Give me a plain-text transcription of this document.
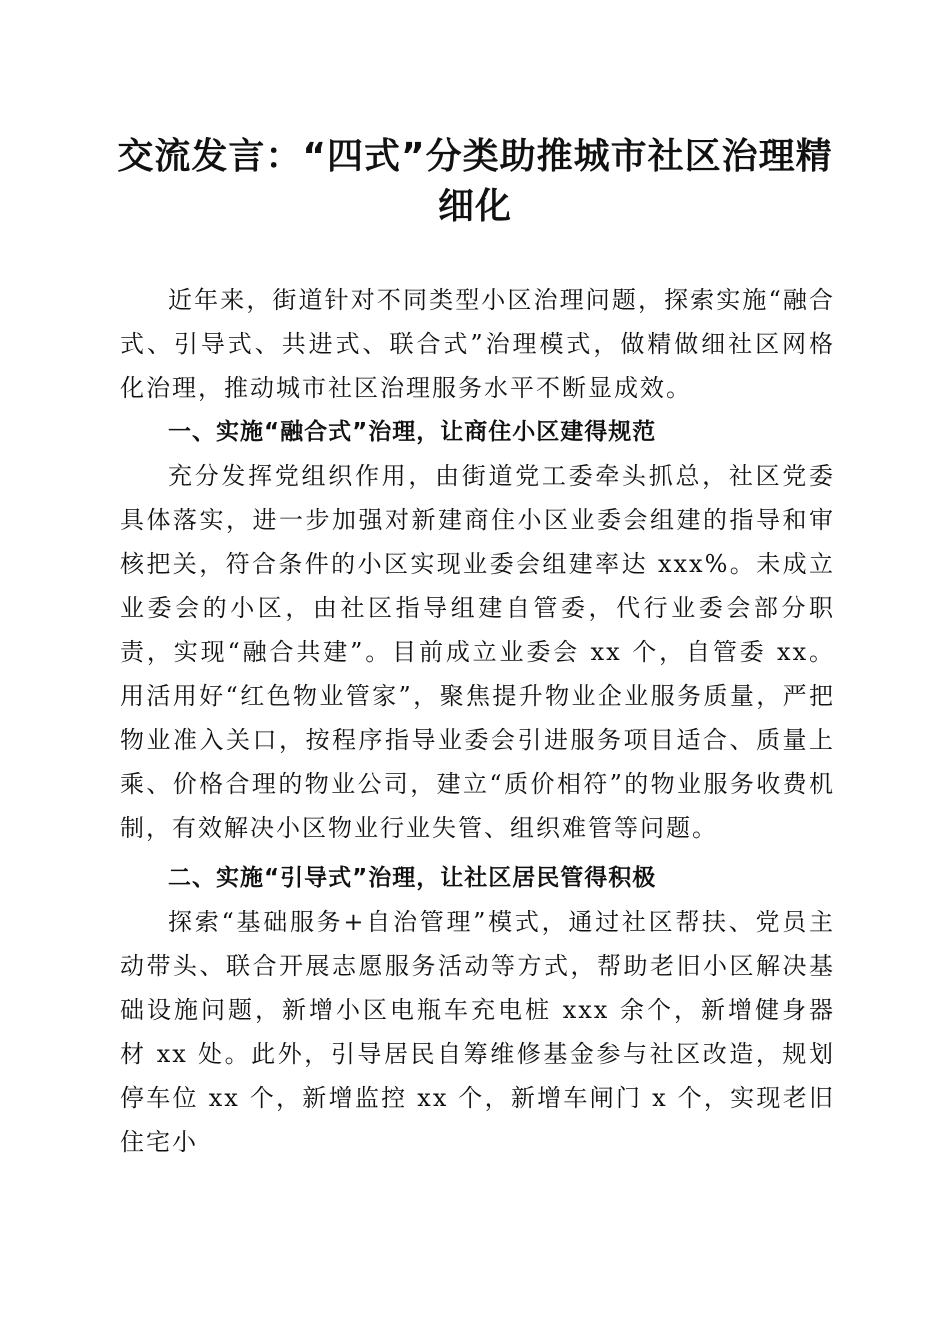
交流发言：“四式”分类助推城市社区治理精细化

近年来，街道针对不同类型小区治理问题，探索实施“融合式、引导式、共进式、联合式”治理模式，做精做细社区网格化治理，推动城市社区治理服务水平不断显成效。

一、实施“融合式”治理，让商住小区建得规范

充分发挥党组织作用，由街道党工委牵头抓总，社区党委具体落实，进一步加强对新建商住小区业委会组建的指导和审核把关，符合条件的小区实现业委会组建率达 xxx%。未成立业委会的小区，由社区指导组建自管委，代行业委会部分职责，实现“融合共建”。目前成立业委会 xx 个，自管委 xx。用活用好“红色物业管家”，聚焦提升物业企业服务质量，严把物业准入关口，按程序指导业委会引进服务项目适合、质量上乘、价格合理的物业公司，建立“质价相符”的物业服务收费机制，有效解决小区物业行业失管、组织难管等问题。

二、实施“引导式”治理，让社区居民管得积极

探索“基础服务+自治管理”模式，通过社区帮扶、党员主动带头、联合开展志愿服务活动等方式，帮助老旧小区解决基础设施问题，新增小区电瓶车充电桩 xxx 余个，新增健身器材 xx 处。此外，引导居民自筹维修基金参与社区改造，规划停车位 xx 个，新增监控 xx 个，新增车闸门 x 个，实现老旧住宅小
